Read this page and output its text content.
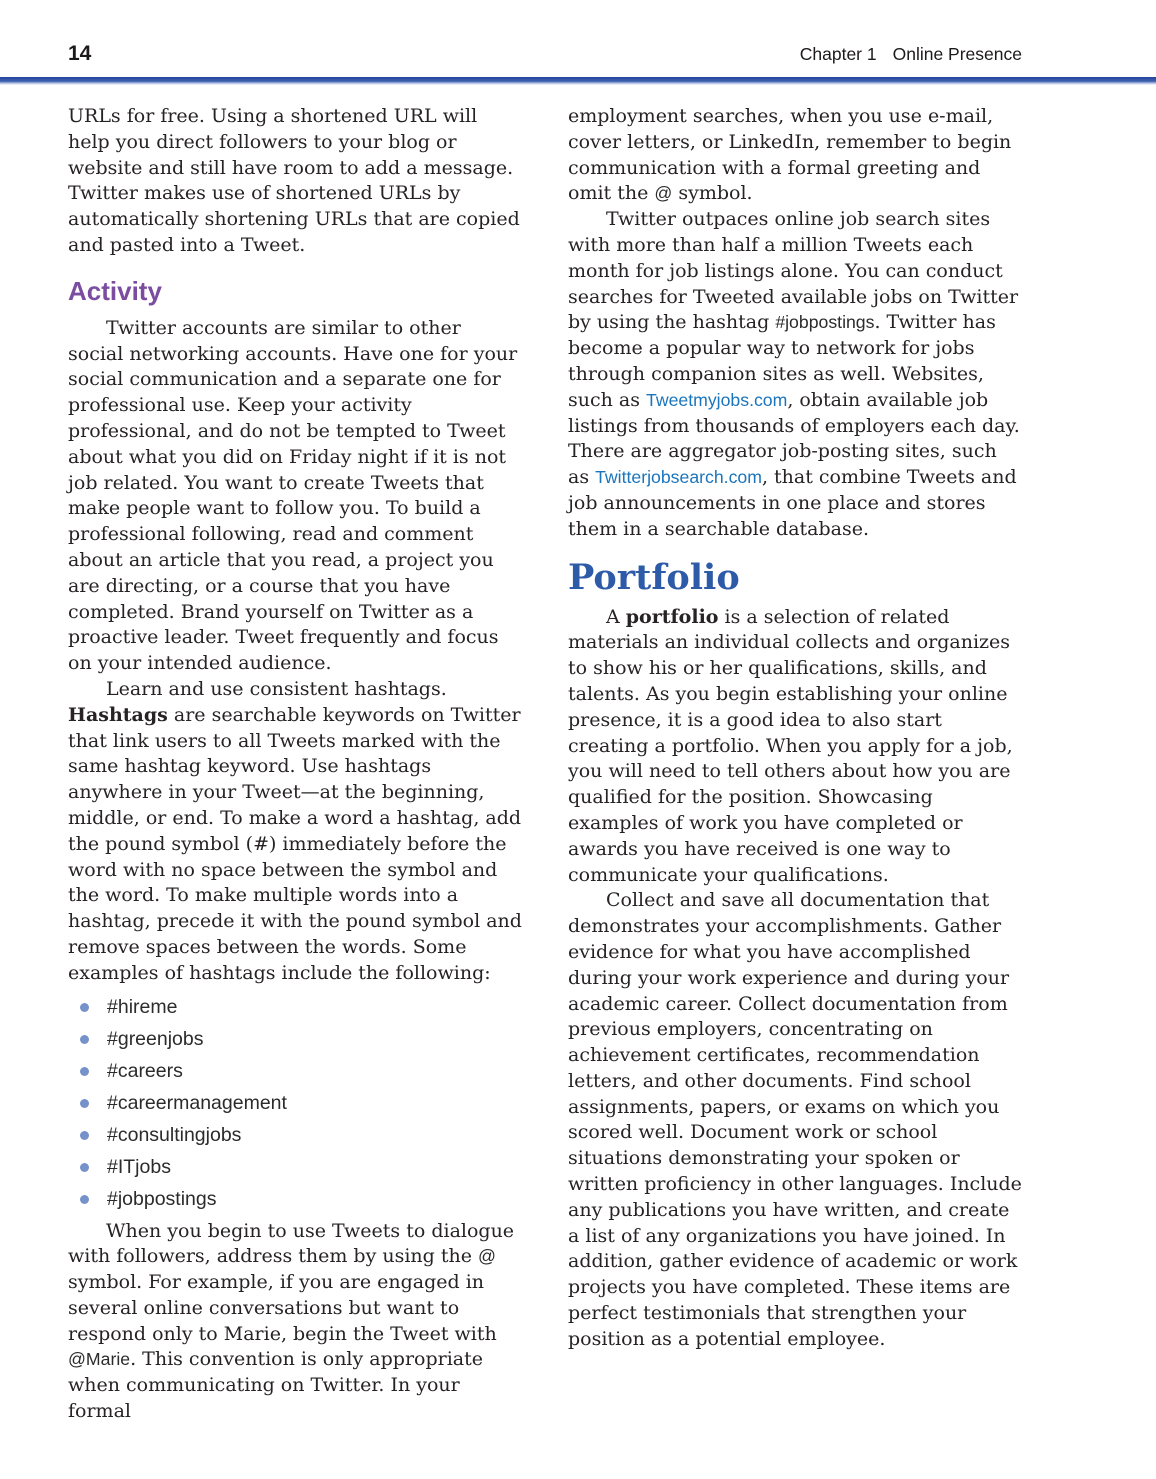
14	Chapter 1 Online Presence

URLs for free. Using a shortened URL will help you direct followers to your blog or website and still have room to add a message. Twitter makes use of shortened URLs by automatically shortening URLs that are copied and pasted into a Tweet.

Activity

Twitter accounts are similar to other social networking accounts. Have one for your social communication and a separate one for professional use. Keep your activity professional, and do not be tempted to Tweet about what you did on Friday night if it is not job related. You want to create Tweets that make people want to follow you. To build a professional following, read and comment about an article that you read, a project you are directing, or a course that you have completed. Brand yourself on Twitter as a proactive leader. Tweet frequently and focus on your intended audience.

Learn and use consistent hashtags. Hashtags are searchable keywords on Twitter that link users to all Tweets marked with the same hashtag keyword. Use hashtags anywhere in your Tweet—at the beginning, middle, or end. To make a word a hashtag, add the pound symbol (#) immediately before the word with no space between the symbol and the word. To make multiple words into a hashtag, precede it with the pound symbol and remove spaces between the words. Some examples of hashtags include the following:

#hireme
#greenjobs
#careers
#careermanagement
#consultingjobs
#ITjobs
#jobpostings

When you begin to use Tweets to dialogue with followers, address them by using the @ symbol. For example, if you are engaged in several online conversations but want to respond only to Marie, begin the Tweet with @Marie. This convention is only appropriate when communicating on Twitter. In your formal

employment searches, when you use e-mail, cover letters, or LinkedIn, remember to begin communication with a formal greeting and omit the @ symbol.

Twitter outpaces online job search sites with more than half a million Tweets each month for job listings alone. You can conduct searches for Tweeted available jobs on Twitter by using the hashtag #jobpostings. Twitter has become a popular way to network for jobs through companion sites as well. Websites, such as Tweetmyjobs.com, obtain available job listings from thousands of employers each day. There are aggregator job-posting sites, such as Twitterjobsearch.com, that combine Tweets and job announcements in one place and stores them in a searchable database.

Portfolio

A portfolio is a selection of related materials an individual collects and organizes to show his or her qualifications, skills, and talents. As you begin establishing your online presence, it is a good idea to also start creating a portfolio. When you apply for a job, you will need to tell others about how you are qualified for the position. Showcasing examples of work you have completed or awards you have received is one way to communicate your qualifications.

Collect and save all documentation that demonstrates your accomplishments. Gather evidence for what you have accomplished during your work experience and during your academic career. Collect documentation from previous employers, concentrating on achievement certificates, recommendation letters, and other documents. Find school assignments, papers, or exams on which you scored well. Document work or school situations demonstrating your spoken or written proficiency in other languages. Include any publications you have written, and create a list of any organizations you have joined. In addition, gather evidence of academic or work projects you have completed. These items are perfect testimonials that strengthen your position as a potential employee.
